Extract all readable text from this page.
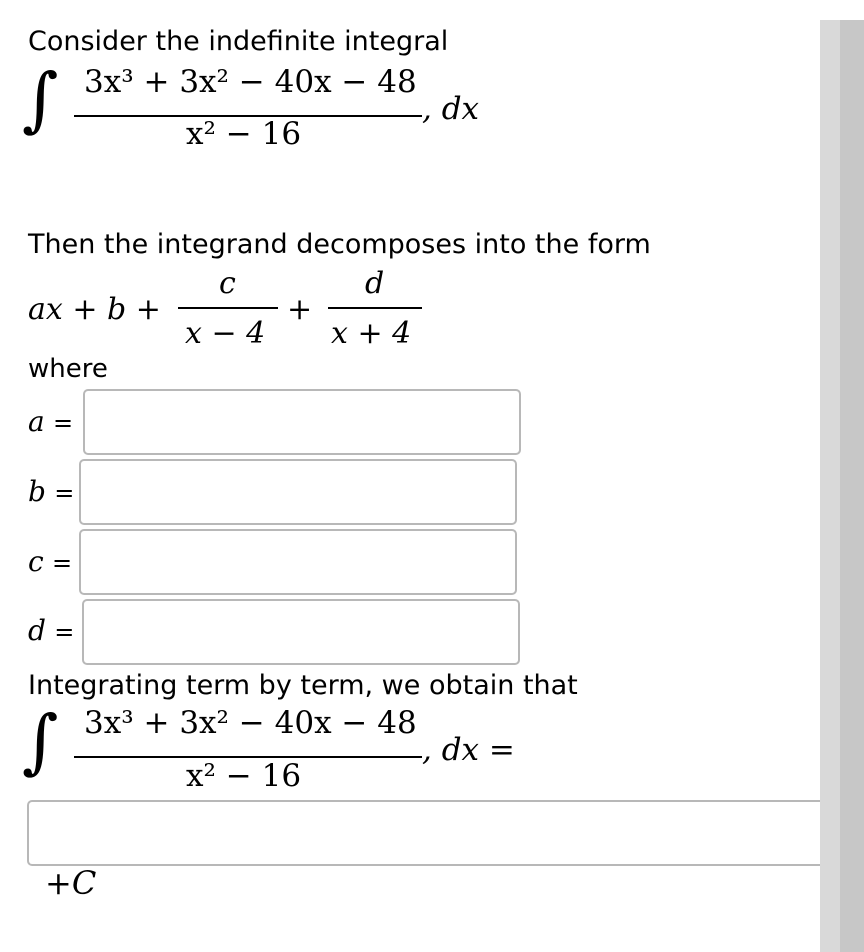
Consider the indefinite integral
∫ 3x³ + 3x² − 40x − 48
x² − 16
, dx
Then the integrand decomposes into the form
ax + b +
c
x − 4
+
d
x + 4
where
a =
b =
c =
d =
Integrating term by term, we obtain that
∫ 3x³ + 3x² − 40x − 48
x² − 16
, dx =
+C
